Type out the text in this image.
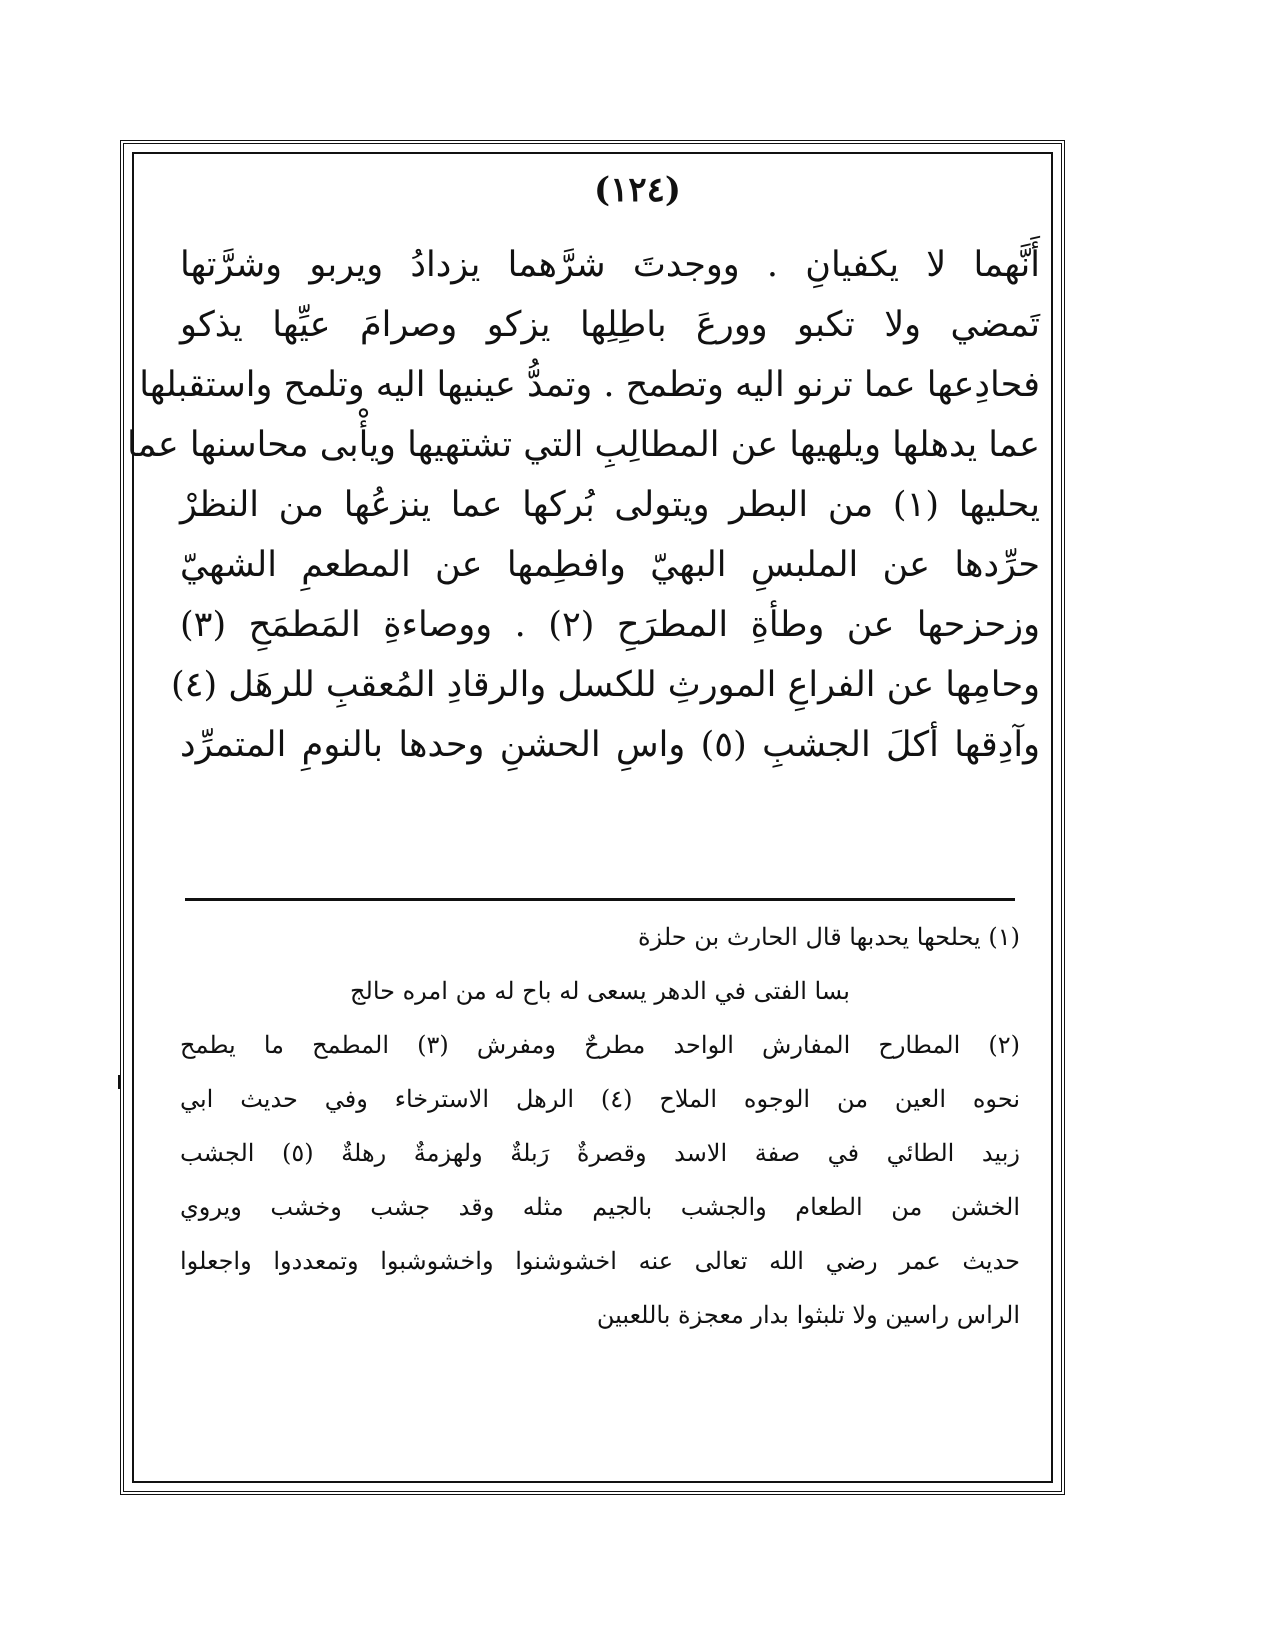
(١٢٤)
أَنَّهما لا يكفيانِ . ووجدتَ شرَّهما يزدادُ ويربو وشرَّتها
تَمضي ولا تكبو وورعَ باطِلِها يزكو وصرامَ عيِّها يذكو
فحادِعها عما ترنو اليه وتطمح . وتمدُّ عينيها اليه وتلمح واستقبلها
عما يدهلها ويلهيها عن المطالِبِ التي تشتهيها ويأْبى محاسنها عما
يحليها (١) من البطر ويتولى بُركها عما ينزعُها من النظرْ
حرِّدها عن الملبسِ البهيّ وافطِمها عن المطعمِ الشهيّ
وزحزحها عن وطأةِ المطرَحِ (٢) . ووصاءةِ المَطمَحِ (٣)
وحامِها عن الفراعِ المورثِ للكسل والرقادِ المُعقبِ للرهَل (٤)
وآدِقها أكلَ الجشبِ (٥) واسِ الحشنِ وحدها بالنومِ المتمرِّد
(١) يحلحها يحدبها قال الحارث بن حلزة
بسا الفتى في الدهر يسعى له باح له من امره حالج
(٢) المطارح المفارش الواحد مطرحٌ ومفرش (٣) المطمح ما يطمح
نحوه العين من الوجوه الملاح (٤) الرهل الاسترخاء وفي حديث ابي
زبيد الطائي في صفة الاسد وقصرةٌ رَبلةٌ ولهزمةٌ رهلةٌ (٥) الجشب
الخشن من الطعام والجشب بالجيم مثله وقد جشب وخشب ويروي
حديث عمر رضي الله تعالى عنه اخشوشنوا واخشوشبوا وتمعددوا واجعلوا
الراس راسين ولا تلبثوا بدار معجزة باللعبين
